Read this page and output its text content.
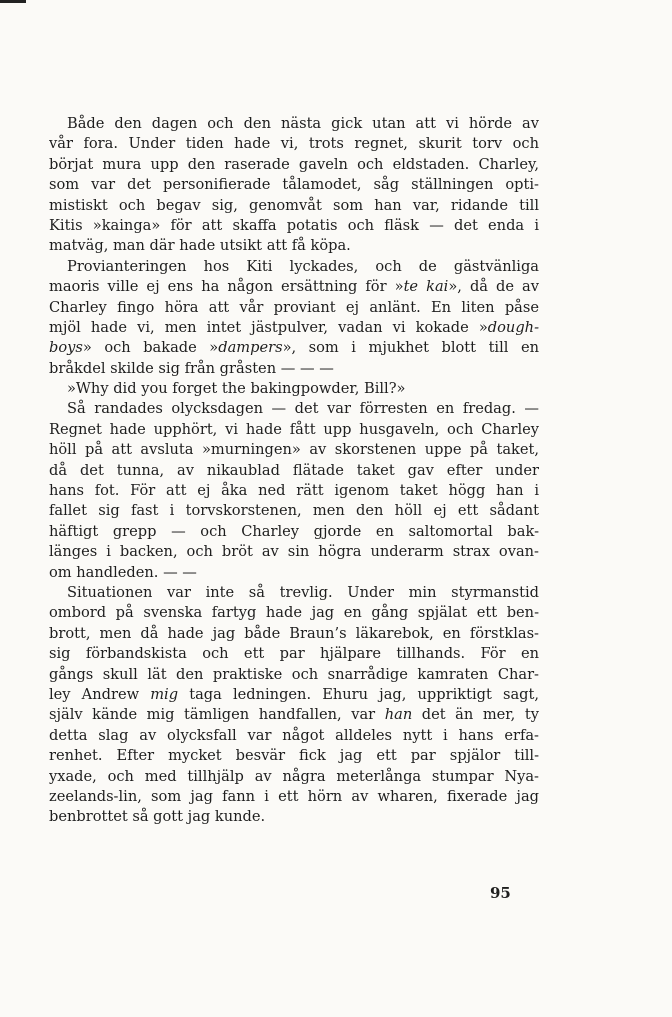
Både den dagen och den nästa gick utan att vi hörde av
vår fora. Under tiden hade vi, trots regnet, skurit torv och
börjat mura upp den raserade gaveln och eldstaden. Charley,
som var det personifierade tålamodet, såg ställningen opti-
mistiskt och begav sig, genomvåt som han var, ridande till
Kitis »kainga» för att skaffa potatis och fläsk — det enda i
matväg, man där hade utsikt att få köpa.
Provianteringen hos Kiti lyckades, och de gästvänliga
maoris ville ej ens ha någon ersättning för »te kai», då de av
Charley fingo höra att vår proviant ej anlänt. En liten påse
mjöl hade vi, men intet jästpulver, vadan vi kokade »dough-
boys» och bakade »dampers», som i mjukhet blott till en
bråkdel skilde sig från gråsten — — —
»Why did you forget the bakingpowder, Bill?»
Så randades olycksdagen — det var förresten en fredag. —
Regnet hade upphört, vi hade fått upp husgaveln, och Charley
höll på att avsluta »murningen» av skorstenen uppe på taket,
då det tunna, av nikaublad flätade taket gav efter under
hans fot. För att ej åka ned rätt igenom taket högg han i
fallet sig fast i torvskorstenen, men den höll ej ett sådant
häftigt grepp — och Charley gjorde en saltomortal bak-
länges i backen, och bröt av sin högra underarm strax ovan-
om handleden. — —
Situationen var inte så trevlig. Under min styrmanstid
ombord på svenska fartyg hade jag en gång spjälat ett ben-
brott, men då hade jag både Braun’s läkarebok, en förstklas-
sig förbandskista och ett par hjälpare tillhands. För en
gångs skull lät den praktiske och snarrådige kamraten Char-
ley Andrew mig taga ledningen. Ehuru jag, uppriktigt sagt,
själv kände mig tämligen handfallen, var han det än mer, ty
detta slag av olycksfall var något alldeles nytt i hans erfa-
renhet. Efter mycket besvär fick jag ett par spjälor till-
yxade, och med tillhjälp av några meterlånga stumpar Nya-
zeelands-lin, som jag fann i ett hörn av wharen, fixerade jag
benbrottet så gott jag kunde.
95
